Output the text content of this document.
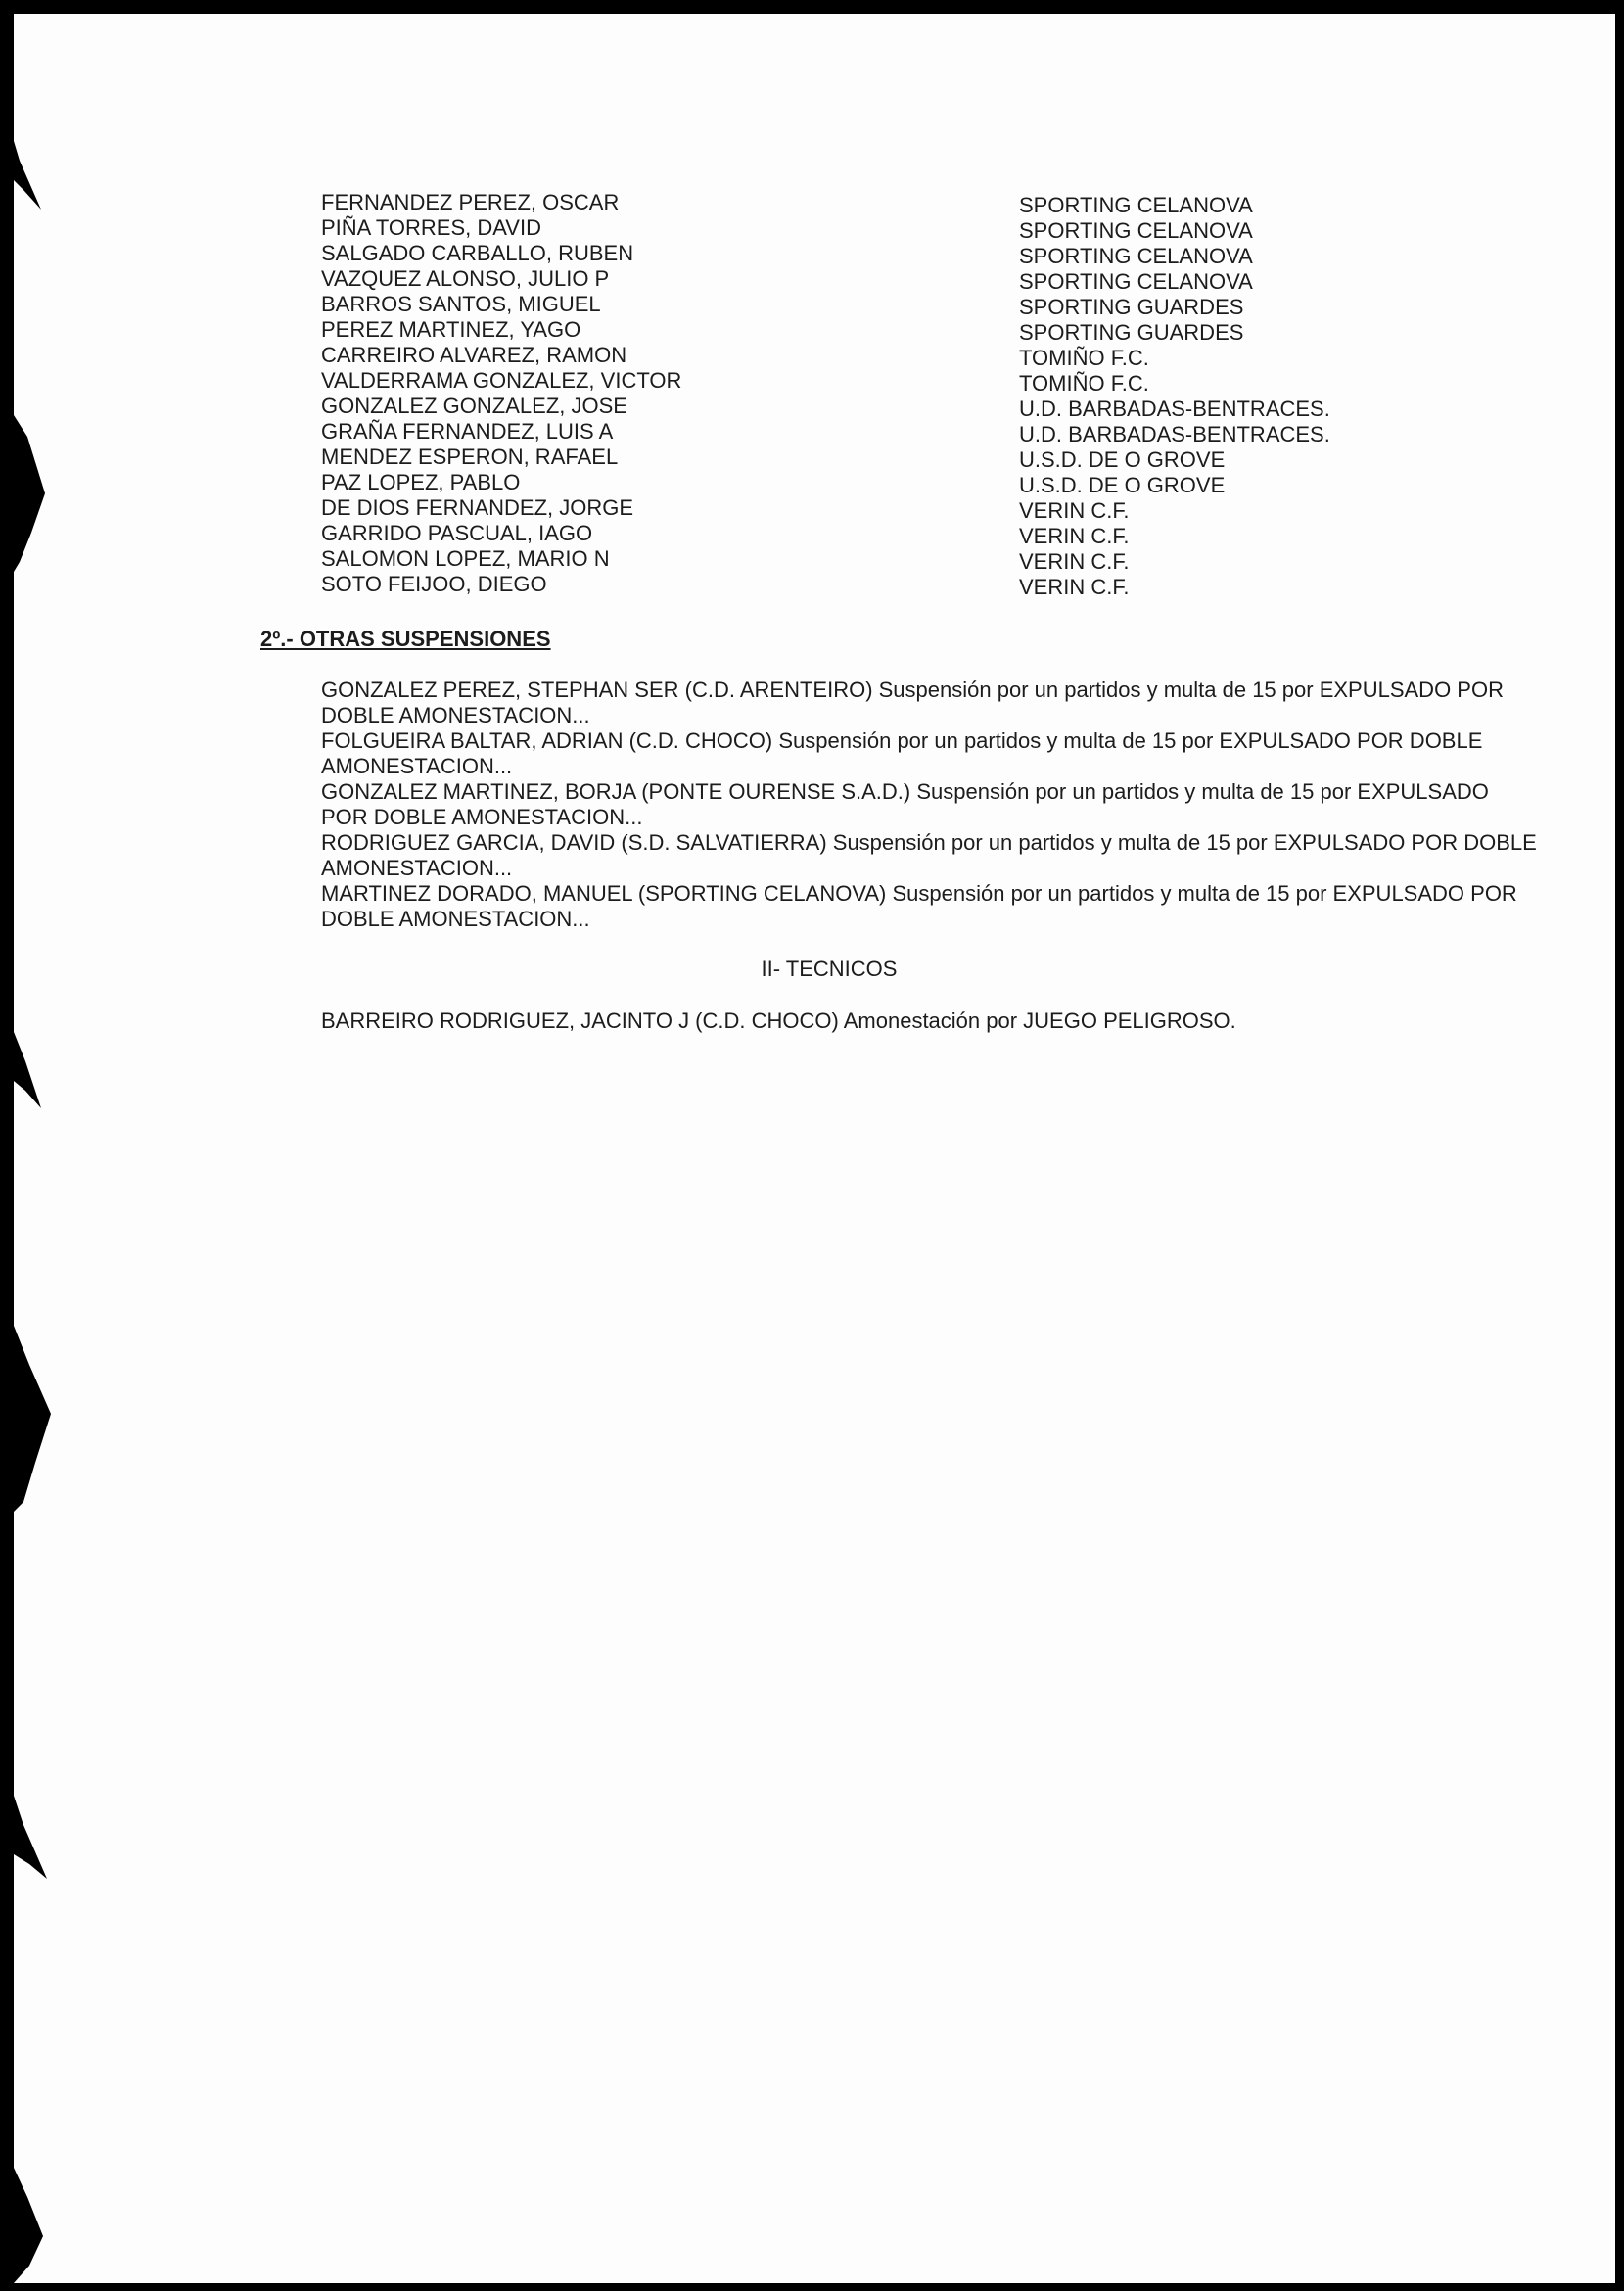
FERNANDEZ PEREZ, OSCAR	SPORTING CELANOVA
PIÑA TORRES, DAVID	SPORTING CELANOVA
SALGADO CARBALLO, RUBEN	SPORTING CELANOVA
VAZQUEZ ALONSO, JULIO P	SPORTING CELANOVA
BARROS SANTOS, MIGUEL	SPORTING GUARDES
PEREZ MARTINEZ, YAGO	SPORTING GUARDES
CARREIRO ALVAREZ, RAMON	TOMIÑO F.C.
VALDERRAMA GONZALEZ, VICTOR	TOMIÑO F.C.
GONZALEZ GONZALEZ, JOSE	U.D. BARBADAS-BENTRACES.
GRAÑA FERNANDEZ, LUIS A	U.D. BARBADAS-BENTRACES.
MENDEZ ESPERON, RAFAEL	U.S.D. DE O GROVE
PAZ LOPEZ, PABLO	U.S.D. DE O GROVE
DE DIOS FERNANDEZ, JORGE	VERIN C.F.
GARRIDO PASCUAL, IAGO	VERIN C.F.
SALOMON LOPEZ, MARIO N	VERIN C.F.
SOTO FEIJOO, DIEGO	VERIN C.F.
2º.- OTRAS SUSPENSIONES

GONZALEZ PEREZ, STEPHAN SER (C.D. ARENTEIRO) Suspensión por un partidos y multa de 15 por EXPULSADO POR DOBLE AMONESTACION...

FOLGUEIRA BALTAR, ADRIAN (C.D. CHOCO) Suspensión por un partidos y multa de 15 por EXPULSADO POR DOBLE AMONESTACION...

GONZALEZ MARTINEZ, BORJA (PONTE OURENSE S.A.D.) Suspensión por un partidos y multa de 15 por EXPULSADO POR DOBLE AMONESTACION...

RODRIGUEZ GARCIA, DAVID (S.D. SALVATIERRA) Suspensión por un partidos y multa de 15 por EXPULSADO POR DOBLE AMONESTACION...

MARTINEZ DORADO, MANUEL (SPORTING CELANOVA) Suspensión por un partidos y multa de 15 por EXPULSADO POR DOBLE AMONESTACION...

II- TECNICOS
BARREIRO RODRIGUEZ, JACINTO J (C.D. CHOCO) Amonestación por JUEGO PELIGROSO.
